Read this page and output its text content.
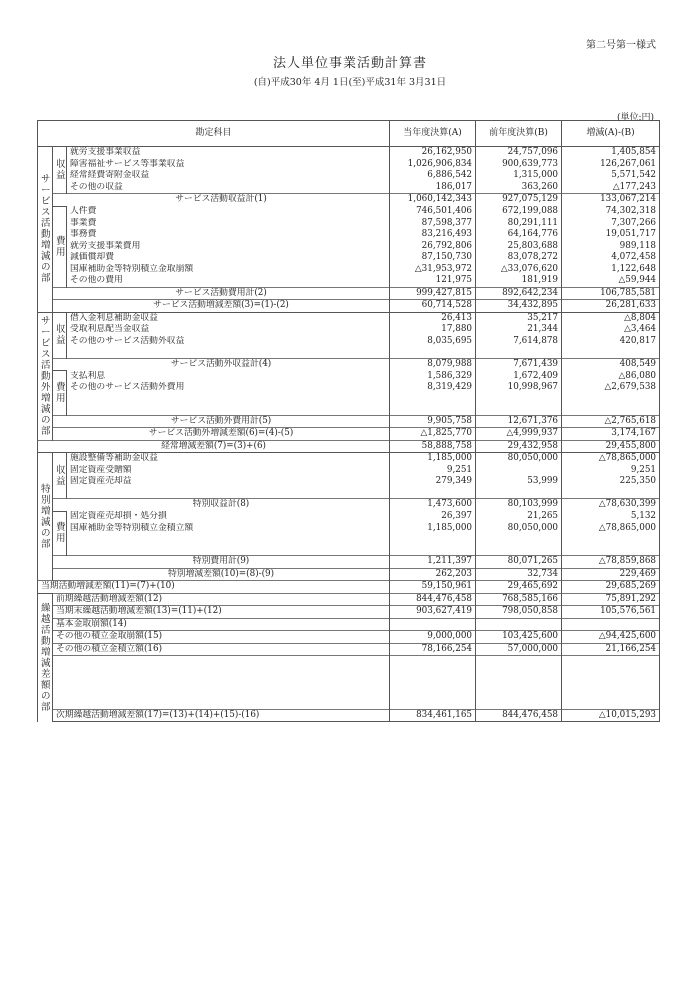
第二号第一様式
法人単位事業活動計算書
(自)平成30年 4月 1日(至)平成31年 3月31日
(単位:円)
勘定科目			当年度決算(A)	前年度決算(B)	増減(A)-(B)
サービス活動増減の部	収益	就労支援事業収益	26,162,950	24,757,096	1,405,854
		障害福祉サービス等事業収益	1,026,906,834	900,639,773	126,267,061
		経常経費寄附金収益	6,886,542	1,315,000	5,571,542
		その他の収益	186,017	363,260	△177,243
	サービス活動収益計(1)		1,060,142,343	927,075,129	133,067,214
	費用	人件費	746,501,406	672,199,088	74,302,318
		事業費	87,598,377	80,291,111	7,307,266
		事務費	83,216,493	64,164,776	19,051,717
		就労支援事業費用	26,792,806	25,803,688	989,118
		減価償却費	87,150,730	83,078,272	4,072,458
		国庫補助金等特別積立金取崩額	△31,953,972	△33,076,620	1,122,648
		その他の費用	121,975	181,919	△59,944
	サービス活動費用計(2)		999,427,815	892,642,234	106,785,581
	サービス活動増減差額(3)=(1)-(2)		60,714,528	34,432,895	26,281,633
サービス活動外増減の部	収益	借入金利息補助金収益	26,413	35,217	△8,804
		受取利息配当金収益	17,880	21,344	△3,464
		その他のサービス活動外収益	8,035,695	7,614,878	420,817

	サービス活動外収益計(4)		8,079,988	7,671,439	408,549
	費用	支払利息	1,586,329	1,672,409	△86,080
		その他のサービス活動外費用	8,319,429	10,998,967	△2,679,538

	サービス活動外費用計(5)		9,905,758	12,671,376	△2,765,618
	サービス活動外増減差額(6)=(4)-(5)		△1,825,770	△4,999,937	3,174,167
経常増減差額(7)=(3)+(6)			58,888,758	29,432,958	29,455,800
特別増減の部	収益	施設整備等補助金収益	1,185,000	80,050,000	△78,865,000
		固定資産受贈額	9,251		9,251
		固定資産売却益	279,349	53,999	225,350

	特別収益計(8)		1,473,600	80,103,999	△78,630,399
	費用	固定資産売却損・処分損	26,397	21,265	5,132
		国庫補助金等特別積立金積立額	1,185,000	80,050,000	△78,865,000

	特別費用計(9)		1,211,397	80,071,265	△78,859,868
	特別増減差額(10)=(8)-(9)		262,203	32,734	229,469
当期活動増減差額(11)=(7)+(10)			59,150,961	29,465,692	29,685,269
繰越活動増減差額の部	前期繰越活動増減差額(12)		844,476,458	768,585,166	75,891,292
	当期末繰越活動増減差額(13)=(11)+(12)		903,627,419	798,050,858	105,576,561
	基本金取崩額(14)				
	その他の積立金取崩額(15)		9,000,000	103,425,600	△94,425,600
	その他の積立金積立額(16)		78,166,254	57,000,000	21,166,254

	次期繰越活動増減差額(17)=(13)+(14)+(15)-(16)		834,461,165	844,476,458	△10,015,293
